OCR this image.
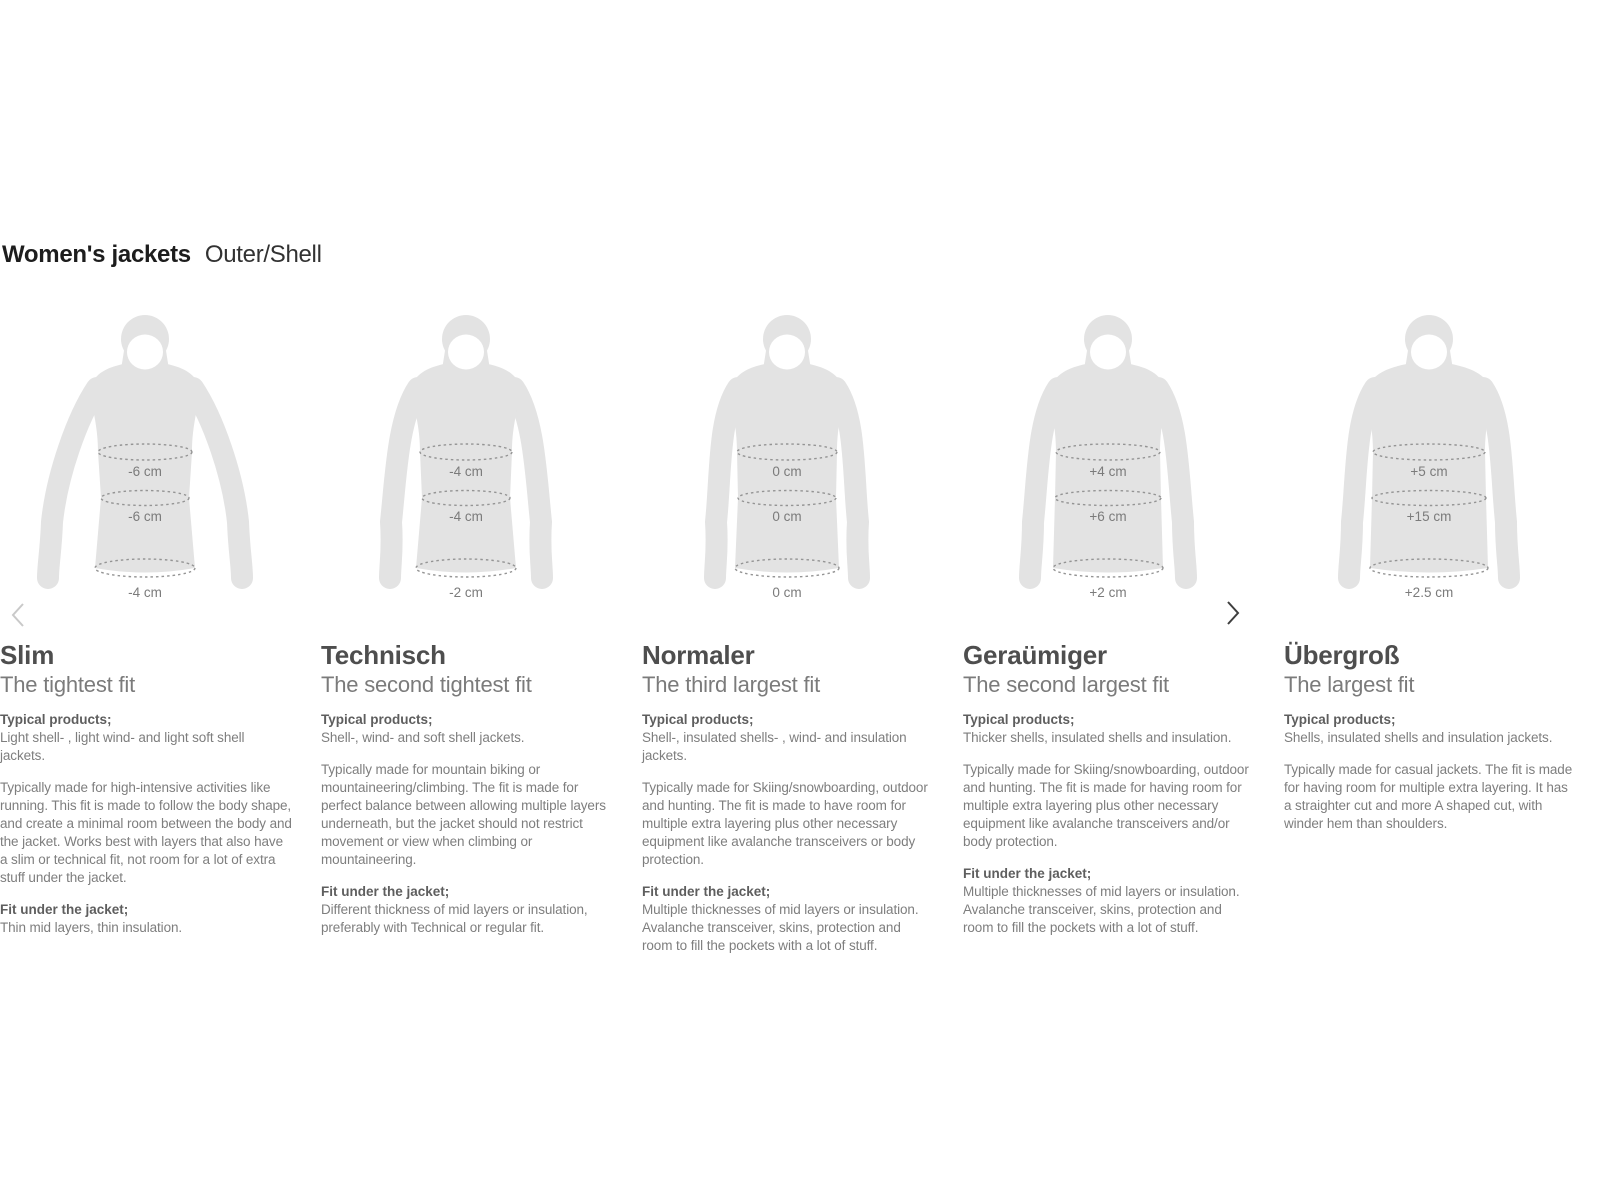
Women's jackets Outer/Shell
-6 cm
-6 cm
-4 cm
Slim
The tightest fit

Typical products;

Light shell- , light wind- and light soft shell jackets.

Typically made for high-intensive activities like running. This fit is made to follow the body shape, and create a minimal room between the body and the jacket. Works best with layers that also have a slim or technical fit, not room for a lot of extra stuff under the jacket.

Fit under the jacket;

Thin mid layers, thin insulation.

-4 cm
-4 cm
-2 cm
Technisch
The second tightest fit

Typical products;

Shell-, wind- and soft shell jackets.

Typically made for mountain biking or mountaineering/climbing. The fit is made for perfect balance between allowing multiple layers underneath, but the jacket should not restrict movement or view when climbing or mountaineering.

Fit under the jacket;

Different thickness of mid layers or insulation, preferably with Technical or regular fit.

0 cm
0 cm
0 cm
Normaler
The third largest fit

Typical products;

Shell-, insulated shells- , wind- and insulation jackets.

Typically made for Skiing/snowboarding, outdoor and hunting. The fit is made to have room for multiple extra layering plus other necessary equipment like avalanche transceivers or body protection.

Fit under the jacket;

Multiple thicknesses of mid layers or insulation. Avalanche transceiver, skins, protection and room to fill the pockets with a lot of stuff.

+4 cm
+6 cm
+2 cm
Geraümiger
The second largest fit

Typical products;

Thicker shells, insulated shells and insulation.

Typically made for Skiing/snowboarding, outdoor and hunting. The fit is made for having room for multiple extra layering plus other necessary equipment like avalanche transceivers and/or body protection.

Fit under the jacket;

Multiple thicknesses of mid layers or insulation. Avalanche transceiver, skins, protection and room to fill the pockets with a lot of stuff.

+5 cm
+15 cm
+2.5 cm
Übergroß
The largest fit

Typical products;

Shells, insulated shells and insulation jackets.

Typically made for casual jackets. The fit is made for having room for multiple extra layering. It has a straighter cut and more A shaped cut, with winder hem than shoulders.
